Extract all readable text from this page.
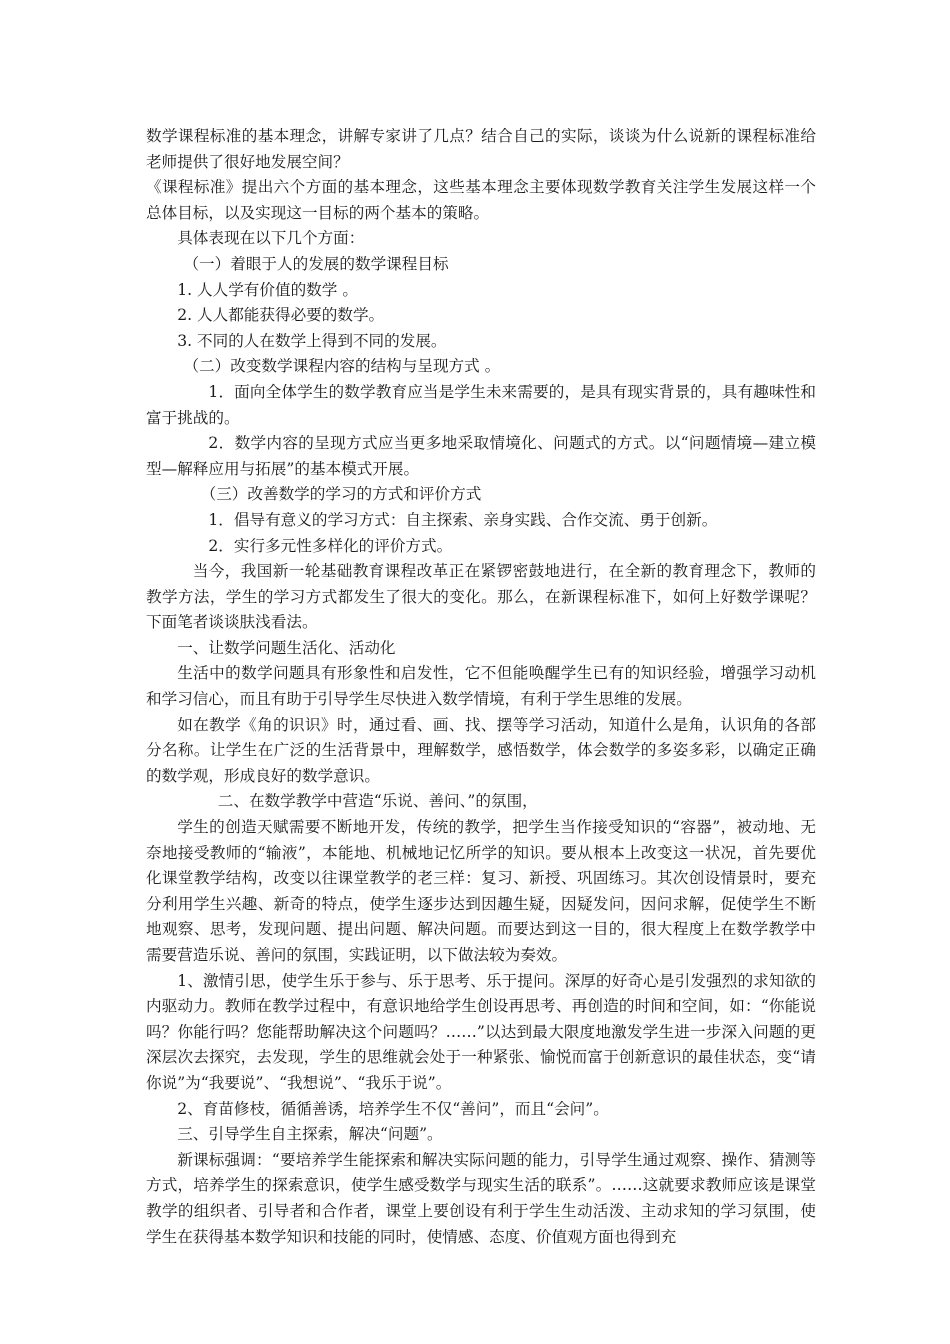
数学课程标准的基本理念，讲解专家讲了几点？结合自己的实际，谈谈为什么说新的课程标准给老师提供了很好地发展空间？

《课程标准》提出六个方面的基本理念，这些基本理念主要体现数学教育关注学生发展这样一个总体目标，以及实现这一目标的两个基本的策略。

具体表现在以下几个方面：

（一）着眼于人的发展的数学课程目标

1. 人人学有价值的数学 。

2. 人人都能获得必要的数学。

3. 不同的人在数学上得到不同的发展。

（二）改变数学课程内容的结构与呈现方式 。

1．面向全体学生的数学教育应当是学生未来需要的，是具有现实背景的，具有趣味性和富于挑战的。

2．数学内容的呈现方式应当更多地采取情境化、问题式的方式。以“问题情境—建立模型—解释应用与拓展”的基本模式开展。

（三）改善数学的学习的方式和评价方式

1．倡导有意义的学习方式：自主探索、亲身实践、合作交流、勇于创新。

2．实行多元性多样化的评价方式。

当今，我国新一轮基础教育课程改革正在紧锣密鼓地进行，在全新的教育理念下，教师的教学方法，学生的学习方式都发生了很大的变化。那么，在新课程标准下，如何上好数学课呢？下面笔者谈谈肤浅看法。

一、让数学问题生活化、活动化

生活中的数学问题具有形象性和启发性，它不但能唤醒学生已有的知识经验，增强学习动机和学习信心，而且有助于引导学生尽快进入数学情境，有利于学生思维的发展。

如在教学《角的识识》时，通过看、画、找、摆等学习活动，知道什么是角，认识角的各部分名称。让学生在广泛的生活背景中，理解数学，感悟数学，体会数学的多姿多彩，以确定正确的数学观，形成良好的数学意识。

二、在数学教学中营造“乐说、善问、”的氛围，

学生的创造天赋需要不断地开发，传统的教学，把学生当作接受知识的“容器”，被动地、无奈地接受教师的“输液”，本能地、机械地记忆所学的知识。要从根本上改变这一状况，首先要优化课堂教学结构，改变以往课堂教学的老三样：复习、新授、巩固练习。其次创设情景时，要充分利用学生兴趣、新奇的特点，使学生逐步达到因趣生疑，因疑发问，因问求解，促使学生不断地观察、思考，发现问题、提出问题、解决问题。而要达到这一目的，很大程度上在数学教学中需要营造乐说、善问的氛围，实践证明，以下做法较为奏效。

1、激情引思，使学生乐于参与、乐于思考、乐于提问。深厚的好奇心是引发强烈的求知欲的内驱动力。教师在教学过程中，有意识地给学生创设再思考、再创造的时间和空间，如：“你能说吗？你能行吗？您能帮助解决这个问题吗？……”以达到最大限度地激发学生进一步深入问题的更深层次去探究，去发现，学生的思维就会处于一种紧张、愉悦而富于创新意识的最佳状态，变“请你说”为“我要说”、“我想说”、“我乐于说”。

2、育苗修枝，循循善诱，培养学生不仅“善问”，而且“会问”。

三、引导学生自主探索，解决“问题”。

新课标强调：“要培养学生能探索和解决实际问题的能力，引导学生通过观察、操作、猜测等方式，培养学生的探索意识，使学生感受数学与现实生活的联系”。……这就要求教师应该是课堂教学的组织者、引导者和合作者，课堂上要创设有利于学生生动活泼、主动求知的学习氛围，使学生在获得基本数学知识和技能的同时，使情感、态度、价值观方面也得到充
